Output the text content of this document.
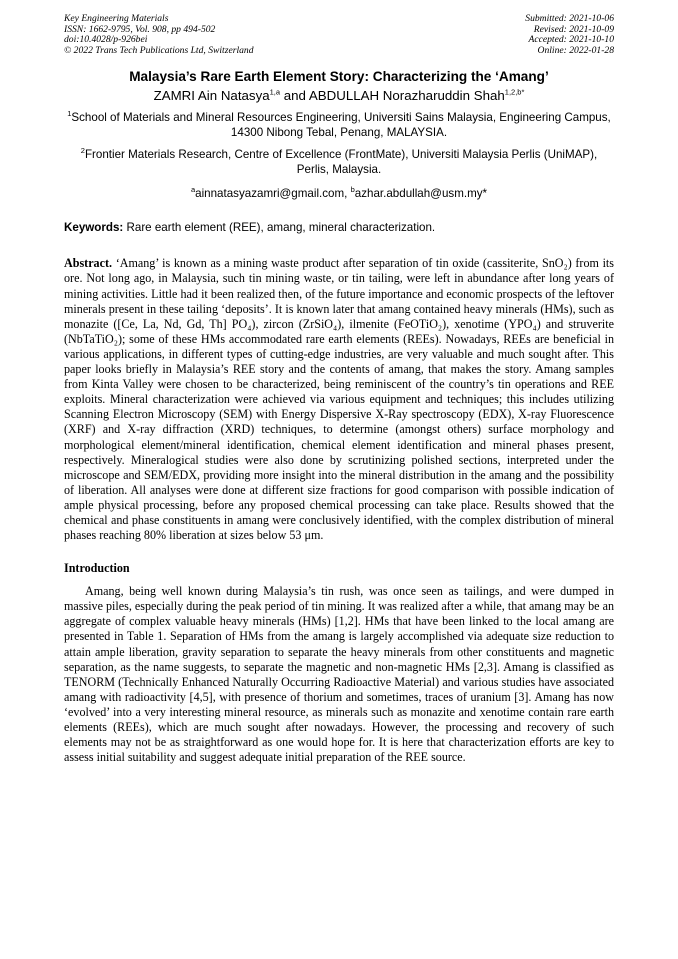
Key Engineering Materials
ISSN: 1662-9795, Vol. 908, pp 494-502
doi:10.4028/p-926bei
© 2022 Trans Tech Publications Ltd, Switzerland
Submitted: 2021-10-06
Revised: 2021-10-09
Accepted: 2021-10-10
Online: 2022-01-28
Malaysia’s Rare Earth Element Story: Characterizing the ‘Amang’
ZAMRI Ain Natasya$^{1,a}$ and ABDULLAH Norazharuddin Shah$^{1,2,b*}$
$^1$School of Materials and Mineral Resources Engineering, Universiti Sains Malaysia, Engineering Campus, 14300 Nibong Tebal, Penang, MALAYSIA.
$^2$Frontier Materials Research, Centre of Excellence (FrontMate), Universiti Malaysia Perlis (UniMAP), Perlis, Malaysia.
$^a$ainnatasyazamri@gmail.com, $^b$azhar.abdullah@usm.my*
Keywords: Rare earth element (REE), amang, mineral characterization.
Abstract. ‘Amang’ is known as a mining waste product after separation of tin oxide (cassiterite, SnO₂) from its ore. Not long ago, in Malaysia, such tin mining waste, or tin tailing, were left in abundance after long years of mining activities. Little had it been realized then, of the future importance and economic prospects of the leftover minerals present in these tailing ‘deposits’. It is known later that amang contained heavy minerals (HMs), such as monazite ([Ce, La, Nd, Gd, Th] PO₄), zircon (ZrSiO₄), ilmenite (FeOTiO₂), xenotime (YPO₄) and struverite (NbTaTiO₂); some of these HMs accommodated rare earth elements (REEs). Nowadays, REEs are beneficial in various applications, in different types of cutting-edge industries, are very valuable and much sought after. This paper looks briefly in Malaysia’s REE story and the contents of amang, that makes the story. Amang samples from Kinta Valley were chosen to be characterized, being reminiscent of the country’s tin operations and REE exploits. Mineral characterization were achieved via various equipment and techniques; this includes utilizing Scanning Electron Microscopy (SEM) with Energy Dispersive X-Ray spectroscopy (EDX), X-ray Fluorescence (XRF) and X-ray diffraction (XRD) techniques, to determine (amongst others) surface morphology and morphological element/mineral identification, chemical element identification and mineral phases present, respectively. Mineralogical studies were also done by scrutinizing polished sections, interpreted under the microscope and SEM/EDX, providing more insight into the mineral distribution in the amang and the possibility of liberation. All analyses were done at different size fractions for good comparison with possible indication of ample physical processing, before any proposed chemical processing can take place. Results showed that the chemical and phase constituents in amang were conclusively identified, with the complex distribution of mineral phases reaching 80% liberation at sizes below 53 μm.
Introduction
Amang, being well known during Malaysia’s tin rush, was once seen as tailings, and were dumped in massive piles, especially during the peak period of tin mining. It was realized after a while, that amang may be an aggregate of complex valuable heavy minerals (HMs) [1,2]. HMs that have been linked to the local amang are presented in Table 1. Separation of HMs from the amang is largely accomplished via adequate size reduction to attain ample liberation, gravity separation to separate the heavy minerals from other constituents and magnetic separation, as the name suggests, to separate the magnetic and non-magnetic HMs [2,3]. Amang is classified as TENORM (Technically Enhanced Naturally Occurring Radioactive Material) and various studies have associated amang with radioactivity [4,5], with presence of thorium and sometimes, traces of uranium [3]. Amang has now ‘evolved’ into a very interesting mineral resource, as minerals such as monazite and xenotime contain rare earth elements (REEs), which are much sought after nowadays. However, the processing and recovery of such elements may not be as straightforward as one would hope for. It is here that characterization efforts are key to assess initial suitability and suggest adequate initial preparation of the REE source.
